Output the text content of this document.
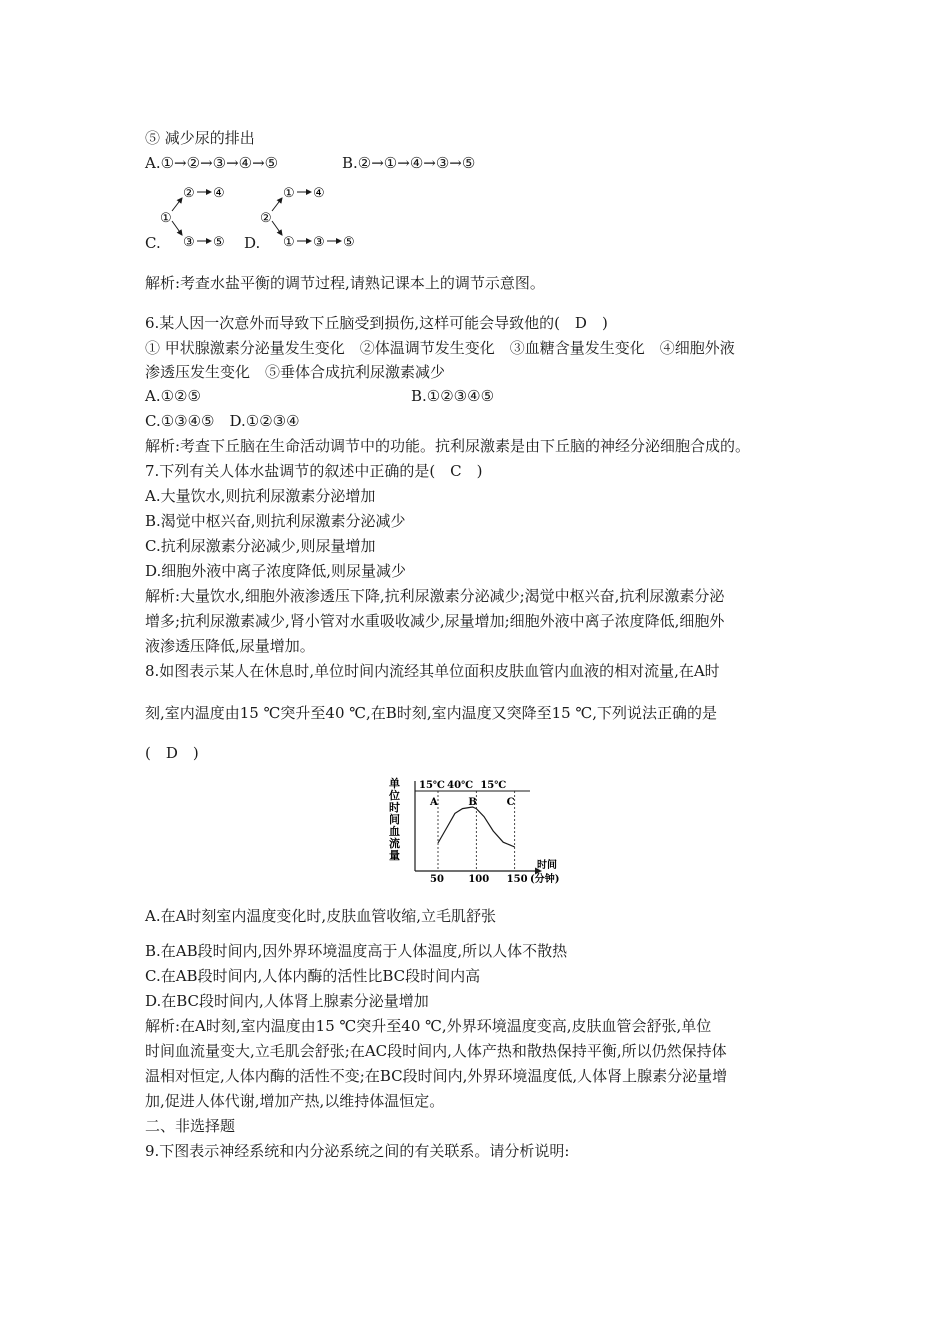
⑤ 减少尿的排出
A.①→②→③→④→⑤	B.②→①→④→③→⑤
C.
①
② ④
③ ⑤ D.
②
① ④
① ③ ⑤
解析:考查水盐平衡的调节过程,请熟记课本上的调节示意图。
6.某人因一次意外而导致下丘脑受到损伤,这样可能会导致他的(　D　)
① 甲状腺激素分泌量发生变化　②体温调节发生变化　③血糖含量发生变化　④细胞外液
渗透压发生变化　⑤垂体合成抗利尿激素减少
A.①②⑤	B.①②③④⑤
C.①③④⑤　D.①②③④
解析:考查下丘脑在生命活动调节中的功能。抗利尿激素是由下丘脑的神经分泌细胞合成的。
7.下列有关人体水盐调节的叙述中正确的是(　C　)
A.大量饮水,则抗利尿激素分泌增加
B.渴觉中枢兴奋,则抗利尿激素分泌减少
C.抗利尿激素分泌减少,则尿量增加
D.细胞外液中离子浓度降低,则尿量减少
解析:大量饮水,细胞外液渗透压下降,抗利尿激素分泌减少;渴觉中枢兴奋,抗利尿激素分泌
增多;抗利尿激素减少,肾小管对水重吸收减少,尿量增加;细胞外液中离子浓度降低,细胞外
液渗透压降低,尿量增加。
8.如图表示某人在休息时,单位时间内流经其单位面积皮肤血管内血液的相对流量,在A时
刻,室内温度由15 ℃突升至40 ℃,在B时刻,室内温度又突降至15 ℃,下列说法正确的是
(　D　)
单
位
时
间
血
流
量
50
A
100
B
150
C
15℃ 40℃ 15℃
时间
(分钟)
A.在A时刻室内温度变化时,皮肤血管收缩,立毛肌舒张
B.在AB段时间内,因外界环境温度高于人体温度,所以人体不散热
C.在AB段时间内,人体内酶的活性比BC段时间内高
D.在BC段时间内,人体肾上腺素分泌量增加
解析:在A时刻,室内温度由15 ℃突升至40 ℃,外界环境温度变高,皮肤血管会舒张,单位
时间血流量变大,立毛肌会舒张;在AC段时间内,人体产热和散热保持平衡,所以仍然保持体
温相对恒定,人体内酶的活性不变;在BC段时间内,外界环境温度低,人体肾上腺素分泌量增
加,促进人体代谢,增加产热,以维持体温恒定。
二、非选择题
9.下图表示神经系统和内分泌系统之间的有关联系。请分析说明:
